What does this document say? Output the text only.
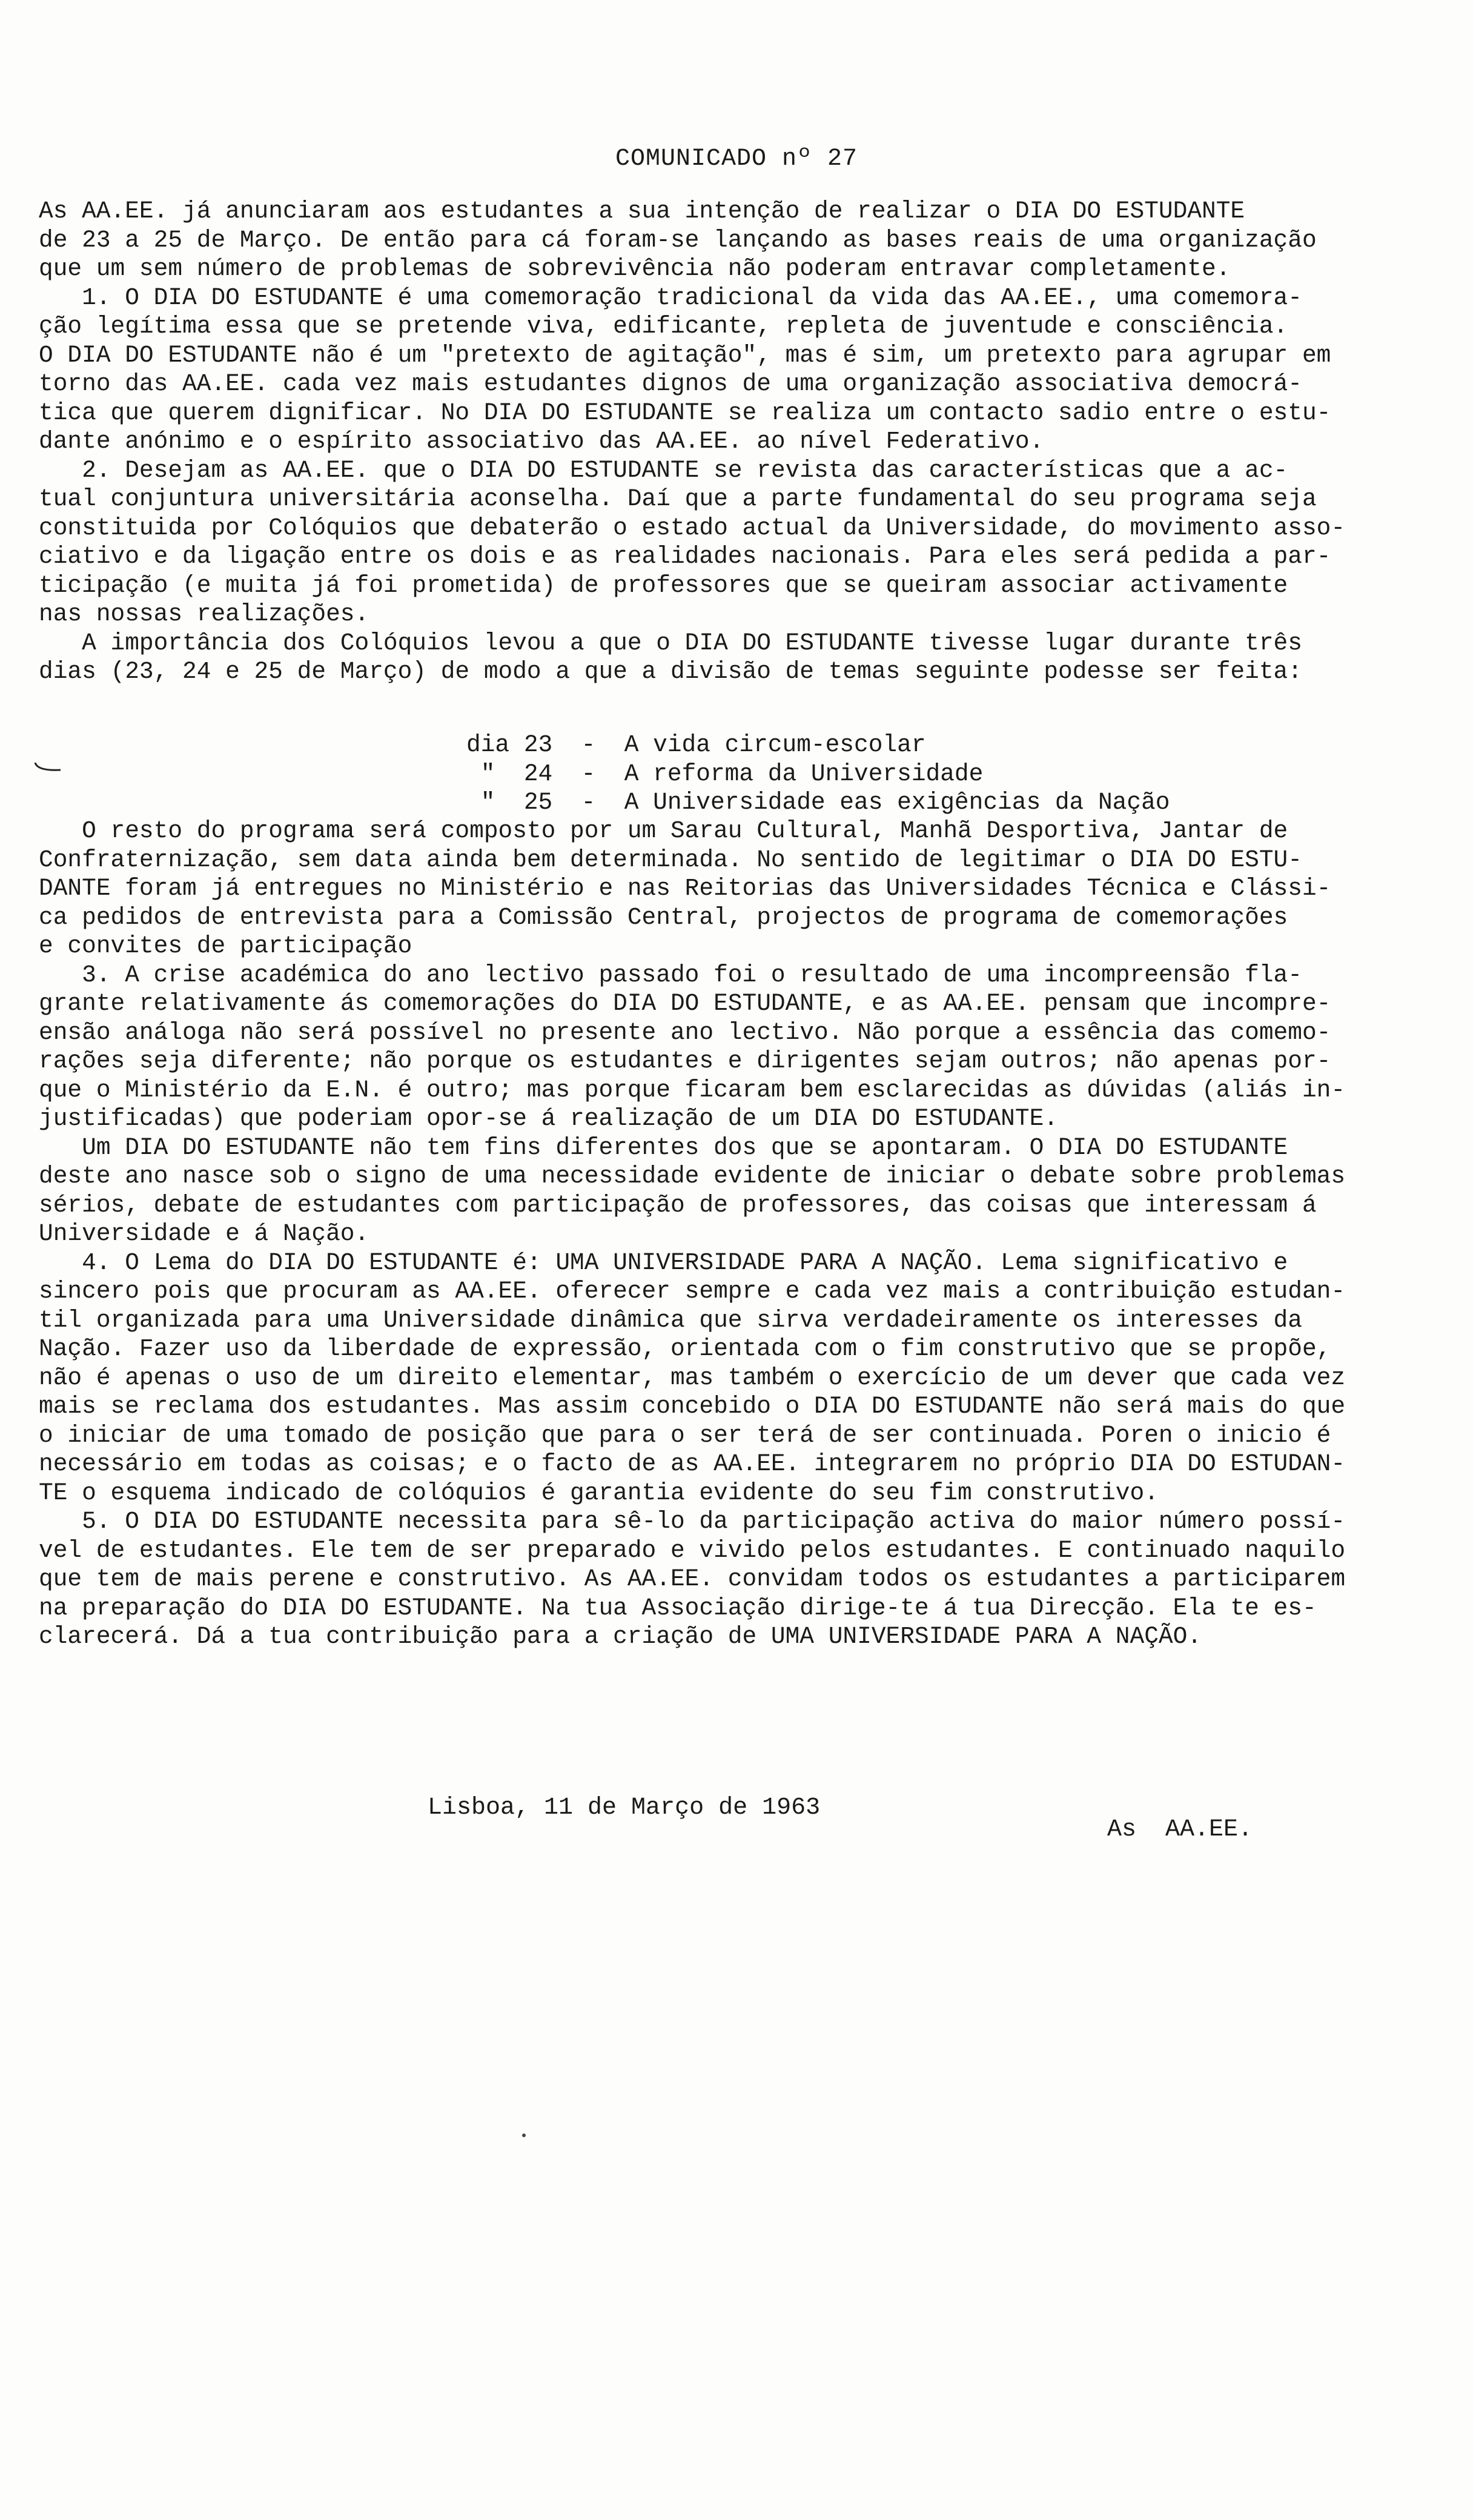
COMUNICADO nº 27
As AA.EE. já anunciaram aos estudantes a sua intenção de realizar o DIA DO ESTUDANTE
de 23 a 25 de Março. De então para cá foram-se lançando as bases reais de uma organização
que um sem número de problemas de sobrevivência não poderam entravar completamente.
1. O DIA DO ESTUDANTE é uma comemoração tradicional da vida das AA.EE., uma comemora-
ção legítima essa que se pretende viva, edificante, repleta de juventude e consciência.
O DIA DO ESTUDANTE não é um "pretexto de agitação", mas é sim, um pretexto para agrupar em
torno das AA.EE. cada vez mais estudantes dignos de uma organização associativa democrá-
tica que querem dignificar. No DIA DO ESTUDANTE se realiza um contacto sadio entre o estu-
dante anónimo e o espírito associativo das AA.EE. ao nível Federativo.
2. Desejam as AA.EE. que o DIA DO ESTUDANTE se revista das características que a ac-
tual conjuntura universitária aconselha. Daí que a parte fundamental do seu programa seja
constituida por Colóquios que debaterão o estado actual da Universidade, do movimento asso-
ciativo e da ligação entre os dois e as realidades nacionais. Para eles será pedida a par-
ticipação (e muita já foi prometida) de professores que se queiram associar activamente
nas nossas realizações.
A importância dos Colóquios levou a que o DIA DO ESTUDANTE tivesse lugar durante três
dias (23, 24 e 25 de Março) de modo a que a divisão de temas seguinte podesse ser feita:
dia 23  -  A vida circum-escolar
"  24  -  A reforma da Universidade
"  25  -  A Universidade eas exigências da Nação
O resto do programa será composto por um Sarau Cultural, Manhã Desportiva, Jantar de
Confraternização, sem data ainda bem determinada. No sentido de legitimar o DIA DO ESTU-
DANTE foram já entregues no Ministério e nas Reitorias das Universidades Técnica e Clássi-
ca pedidos de entrevista para a Comissão Central, projectos de programa de comemorações
e convites de participação
3. A crise académica do ano lectivo passado foi o resultado de uma incompreensão fla-
grante relativamente ás comemorações do DIA DO ESTUDANTE, e as AA.EE. pensam que incompre-
ensão análoga não será possível no presente ano lectivo. Não porque a essência das comemo-
rações seja diferente; não porque os estudantes e dirigentes sejam outros; não apenas por-
que o Ministério da E.N. é outro; mas porque ficaram bem esclarecidas as dúvidas (aliás in-
justificadas) que poderiam opor-se á realização de um DIA DO ESTUDANTE.
Um DIA DO ESTUDANTE não tem fins diferentes dos que se apontaram. O DIA DO ESTUDANTE
deste ano nasce sob o signo de uma necessidade evidente de iniciar o debate sobre problemas
sérios, debate de estudantes com participação de professores, das coisas que interessam á
Universidade e á Nação.
4. O Lema do DIA DO ESTUDANTE é: UMA UNIVERSIDADE PARA A NAÇÃO. Lema significativo e
sincero pois que procuram as AA.EE. oferecer sempre e cada vez mais a contribuição estudan-
til organizada para uma Universidade dinâmica que sirva verdadeiramente os interesses da
Nação. Fazer uso da liberdade de expressão, orientada com o fim construtivo que se propõe,
não é apenas o uso de um direito elementar, mas também o exercício de um dever que cada vez
mais se reclama dos estudantes. Mas assim concebido o DIA DO ESTUDANTE não será mais do que
o iniciar de uma tomado de posição que para o ser terá de ser continuada. Poren o inicio é
necessário em todas as coisas; e o facto de as AA.EE. integrarem no próprio DIA DO ESTUDAN-
TE o esquema indicado de colóquios é garantia evidente do seu fim construtivo.
5. O DIA DO ESTUDANTE necessita para sê-lo da participação activa do maior número possí-
vel de estudantes. Ele tem de ser preparado e vivido pelos estudantes. E continuado naquilo
que tem de mais perene e construtivo. As AA.EE. convidam todos os estudantes a participarem
na preparação do DIA DO ESTUDANTE. Na tua Associação dirige-te á tua Direcção. Ela te es-
clarecerá. Dá a tua contribuição para a criação de UMA UNIVERSIDADE PARA A NAÇÃO.
Lisboa, 11 de Março de 1963
As  AA.EE.
